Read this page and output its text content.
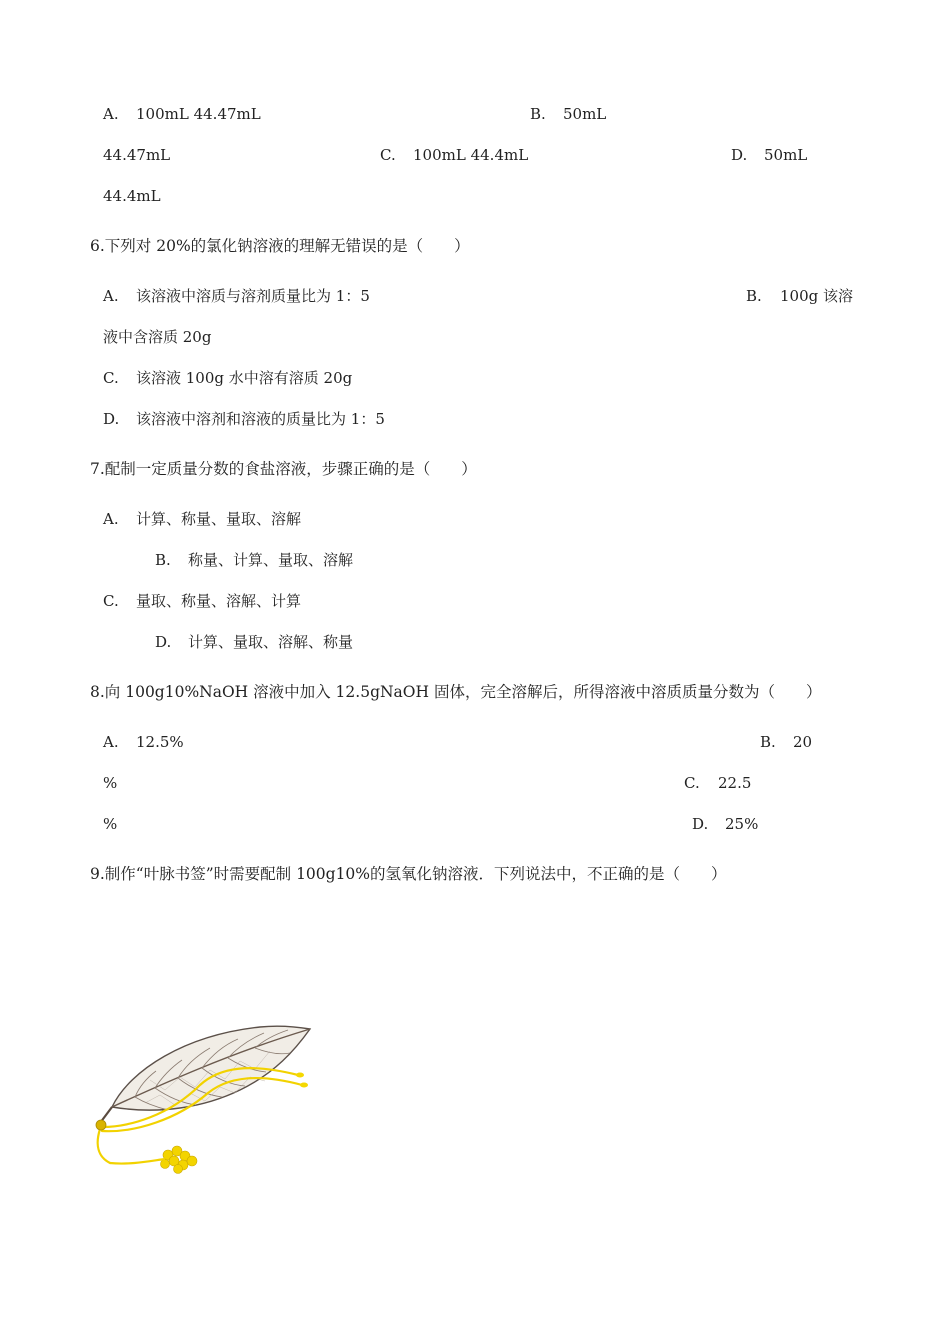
A. 100mL 44.47mL	B. 50mL
44.47mL	C. 100mL 44.4mL	D. 50mL
44.4mL
6.下列对 20%的氯化钠溶液的理解无错误的是（　　）
A. 该溶液中溶质与溶剂质量比为 1：5	B. 100g 该溶
液中含溶质 20g
C. 该溶液 100g 水中溶有溶质 20g
D. 该溶液中溶剂和溶液的质量比为 1：5
7.配制一定质量分数的食盐溶液，步骤正确的是（　　）
A. 计算、称量、量取、溶解
B. 称量、计算、量取、溶解
C. 量取、称量、溶解、计算
D. 计算、量取、溶解、称量
8.向 100g10%NaOH 溶液中加入 12.5gNaOH 固体，完全溶解后，所得溶液中溶质质量分数为（　　）
A. 12.5%	B. 20
%	C. 22.5
%	D. 25%
9.制作“叶脉书签”时需要配制 100g10%的氢氧化钠溶液．下列说法中，不正确的是（　　）
